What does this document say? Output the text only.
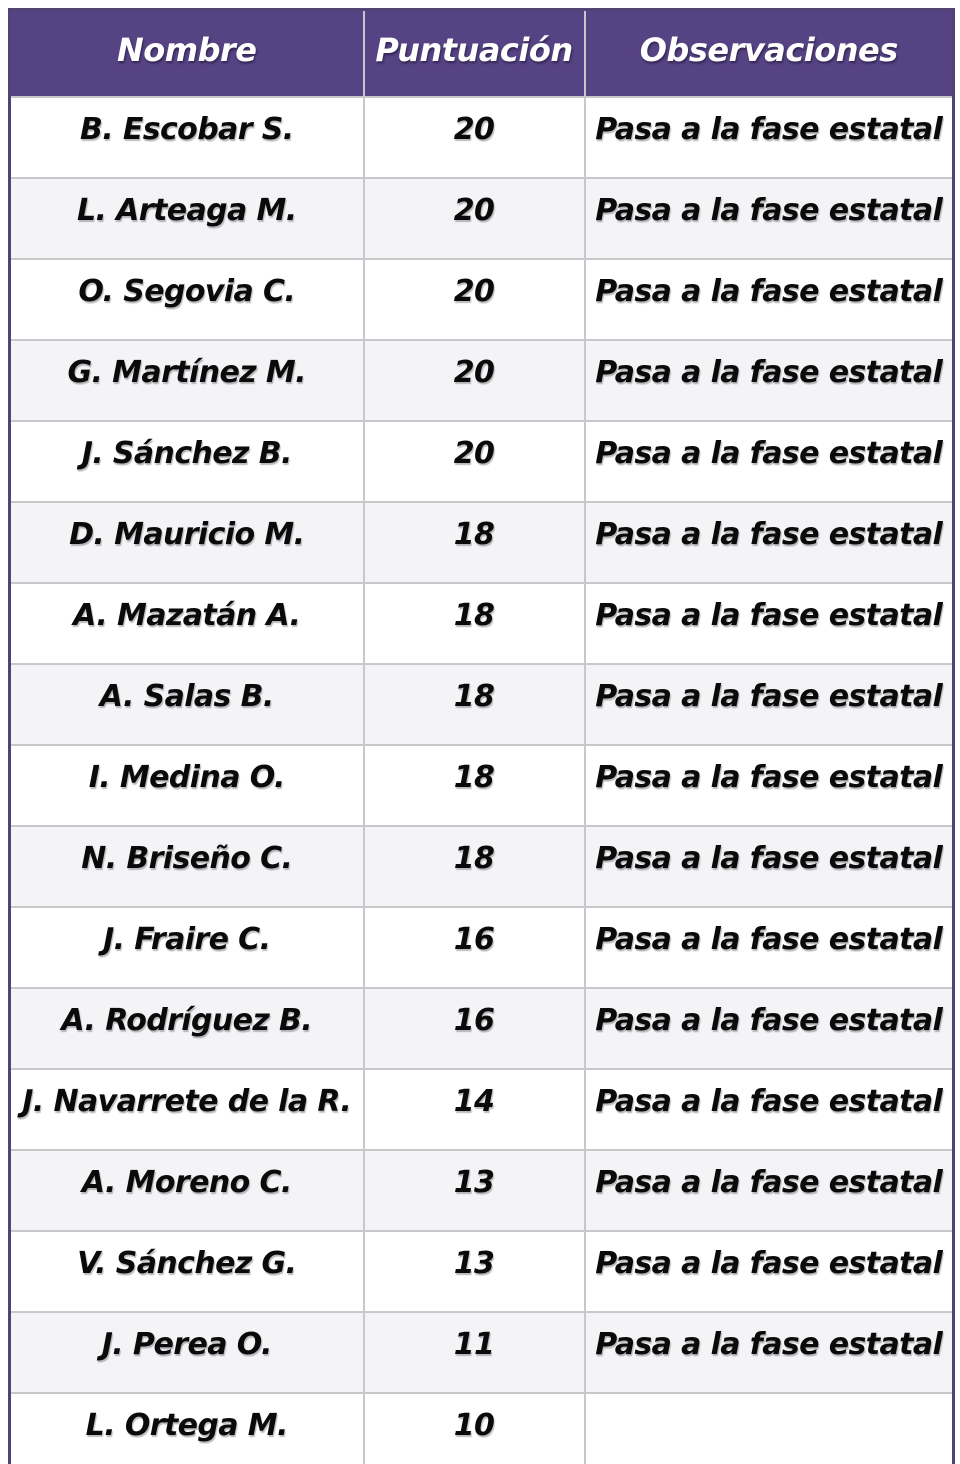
Nombre	Puntuación	Observaciones
B. Escobar S.	20	Pasa a la fase estatal
L. Arteaga M.	20	Pasa a la fase estatal
O. Segovia C.	20	Pasa a la fase estatal
G. Martínez M.	20	Pasa a la fase estatal
J. Sánchez B.	20	Pasa a la fase estatal
D. Mauricio M.	18	Pasa a la fase estatal
A. Mazatán A.	18	Pasa a la fase estatal
A. Salas B.	18	Pasa a la fase estatal
I. Medina O.	18	Pasa a la fase estatal
N. Briseño C.	18	Pasa a la fase estatal
J. Fraire C.	16	Pasa a la fase estatal
A. Rodríguez B.	16	Pasa a la fase estatal
J. Navarrete de la R.	14	Pasa a la fase estatal
A. Moreno C.	13	Pasa a la fase estatal
V. Sánchez G.	13	Pasa a la fase estatal
J. Perea O.	11	Pasa a la fase estatal
L. Ortega M.	10	
